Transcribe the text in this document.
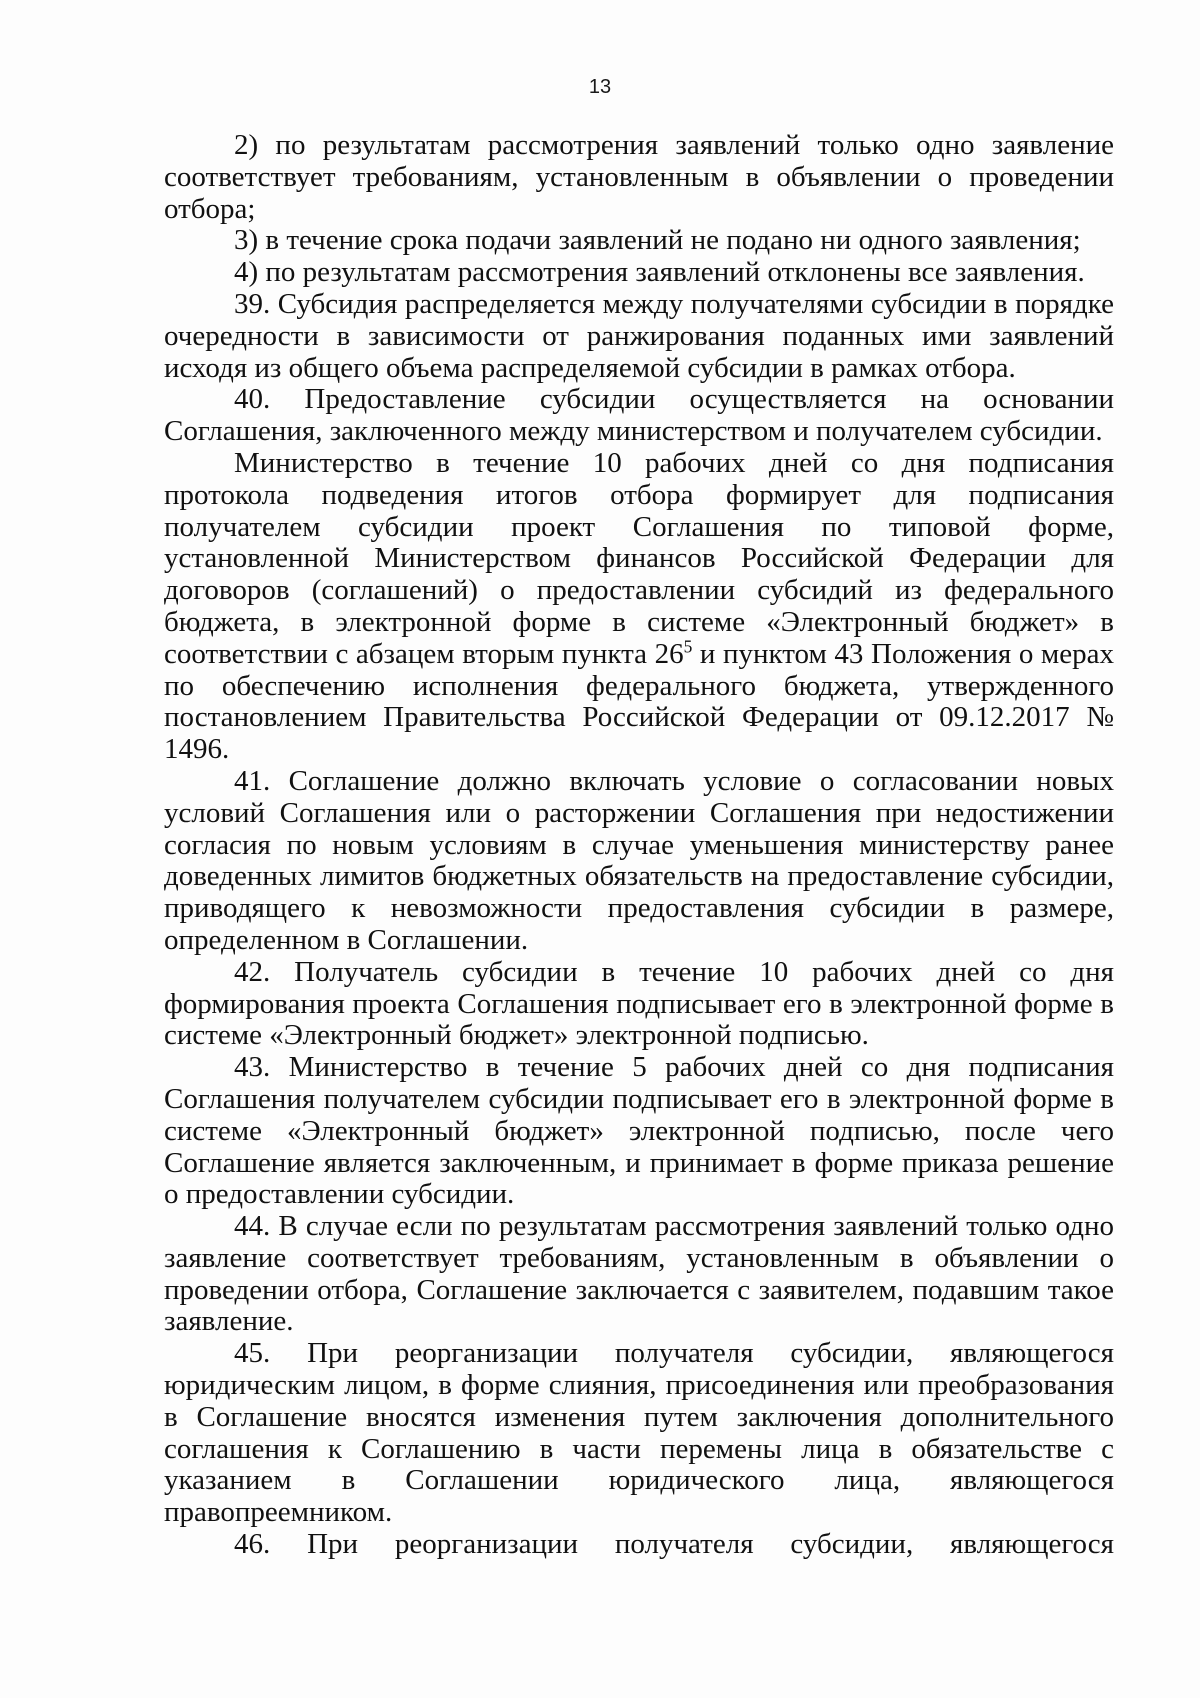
13

2) по результатам рассмотрения заявлений только одно заявление соответствует требованиям, установленным в объявлении о проведении отбора;

3) в течение срока подачи заявлений не подано ни одного заявления;

4) по результатам рассмотрения заявлений отклонены все заявления.

39. Субсидия распределяется между получателями субсидии в порядке очередности в зависимости от ранжирования поданных ими заявлений исходя из общего объема распределяемой субсидии в рамках отбора.

40. Предоставление субсидии осуществляется на основании Соглашения, заключенного между министерством и получателем субсидии.

Министерство в течение 10 рабочих дней со дня подписания протокола подведения итогов отбора формирует для подписания получателем субсидии проект Соглашения по типовой форме, установленной Министерством финансов Российской Федерации для договоров (соглашений) о предоставлении субсидий из федерального бюджета, в электронной форме в системе «Электронный бюджет» в соответствии с абзацем вторым пункта $26^5$ и пунктом 43 Положения о мерах по обеспечению исполнения федерального бюджета, утвержденного постановлением Правительства Российской Федерации от 09.12.2017 № 1496.

41. Соглашение должно включать условие о согласовании новых условий Соглашения или о расторжении Соглашения при недостижении согласия по новым условиям в случае уменьшения министерству ранее доведенных лимитов бюджетных обязательств на предоставление субсидии, приводящего к невозможности предоставления субсидии в размере, определенном в Соглашении.

42. Получатель субсидии в течение 10 рабочих дней со дня формирования проекта Соглашения подписывает его в электронной форме в системе «Электронный бюджет» электронной подписью.

43. Министерство в течение 5 рабочих дней со дня подписания Соглашения получателем субсидии подписывает его в электронной форме в системе «Электронный бюджет» электронной подписью, после чего Соглашение является заключенным, и принимает в форме приказа решение о предоставлении субсидии.

44. В случае если по результатам рассмотрения заявлений только одно заявление соответствует требованиям, установленным в объявлении о проведении отбора, Соглашение заключается с заявителем, подавшим такое заявление.

45. При реорганизации получателя субсидии, являющегося юридическим лицом, в форме слияния, присоединения или преобразования в Соглашение вносятся изменения путем заключения дополнительного соглашения к Соглашению в части перемены лица в обязательстве с указанием в Соглашении юридического лица, являющегося правопреемником.

46. При реорганизации получателя субсидии, являющегося
